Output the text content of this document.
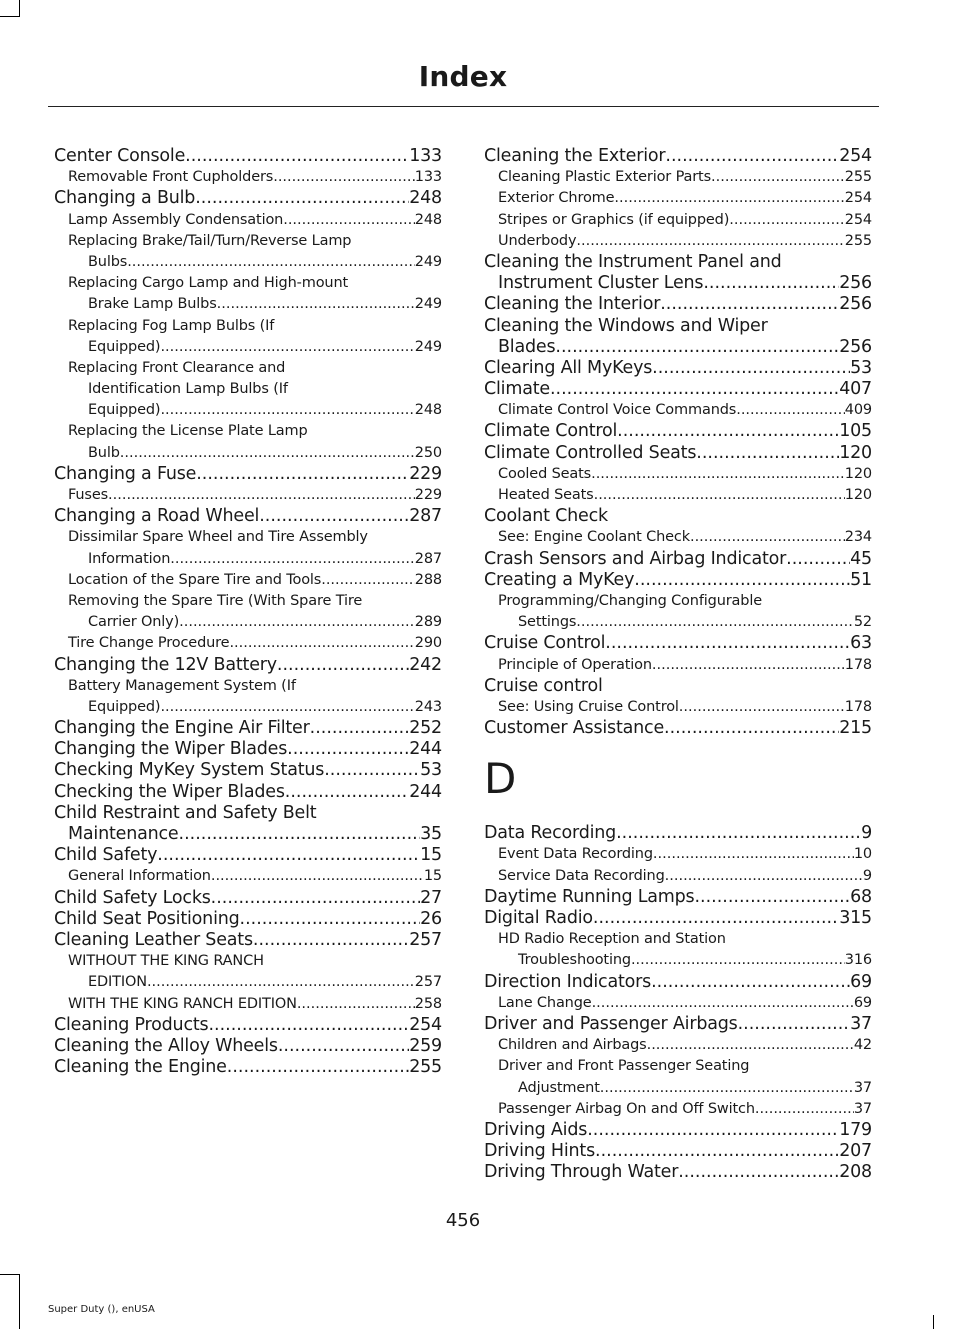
Index
Center Console .....	133
Removable Front Cupholders .....	133
Changing a Bulb .....	248
Lamp Assembly Condensation .....	248
Replacing Brake/Tail/Turn/Reverse Lamp
Bulbs .....	249
Replacing Cargo Lamp and High-mount
Brake Lamp Bulbs .....	249
Replacing Fog Lamp Bulbs (If
Equipped) .....	249
Replacing Front Clearance and
Identification Lamp Bulbs (If
Equipped) .....	248
Replacing the License Plate Lamp
Bulb .....	250
Changing a Fuse .....	229
Fuses .....	229
Changing a Road Wheel .....	287
Dissimilar Spare Wheel and Tire Assembly
Information .....	287
Location of the Spare Tire and Tools .....	288
Removing the Spare Tire (With Spare Tire
Carrier Only) .....	289
Tire Change Procedure .....	290
Changing the 12V Battery .....	242
Battery Management System (If
Equipped) .....	243
Changing the Engine Air Filter .....	252
Changing the Wiper Blades .....	244
Checking MyKey System Status .....	53
Checking the Wiper Blades .....	244
Child Restraint and Safety Belt
Maintenance .....	35
Child Safety .....	15
General Information .....	15
Child Safety Locks .....	27
Child Seat Positioning .....	26
Cleaning Leather Seats .....	257
WITHOUT THE KING RANCH
EDITION .....	257
WITH THE KING RANCH EDITION .....	258
Cleaning Products .....	254
Cleaning the Alloy Wheels .....	259
Cleaning the Engine .....	255
Cleaning the Exterior .....	254
Cleaning Plastic Exterior Parts .....	255
Exterior Chrome .....	254
Stripes or Graphics (if equipped) .....	254
Underbody .....	255
Cleaning the Instrument Panel and
Instrument Cluster Lens .....	256
Cleaning the Interior .....	256
Cleaning the Windows and Wiper
Blades .....	256
Clearing All MyKeys .....	53
Climate .....	407
Climate Control Voice Commands .....	409
Climate Control .....	105
Climate Controlled Seats .....	120
Cooled Seats .....	120
Heated Seats .....	120
Coolant Check
See: Engine Coolant Check .....	234
Crash Sensors and Airbag Indicator .....	45
Creating a MyKey .....	51
Programming/Changing Configurable
Settings .....	52
Cruise Control .....	63
Principle of Operation .....	178
Cruise control
See: Using Cruise Control .....	178
Customer Assistance .....	215
D
Data Recording .....	9
Event Data Recording .....	10
Service Data Recording .....	9
Daytime Running Lamps .....	68
Digital Radio .....	315
HD Radio Reception and Station
Troubleshooting .....	316
Direction Indicators .....	69
Lane Change .....	69
Driver and Passenger Airbags .....	37
Children and Airbags .....	42
Driver and Front Passenger Seating
Adjustment .....	37
Passenger Airbag On and Off Switch .....	37
Driving Aids .....	179
Driving Hints .....	207
Driving Through Water .....	208
456
Super Duty (), enUSA
